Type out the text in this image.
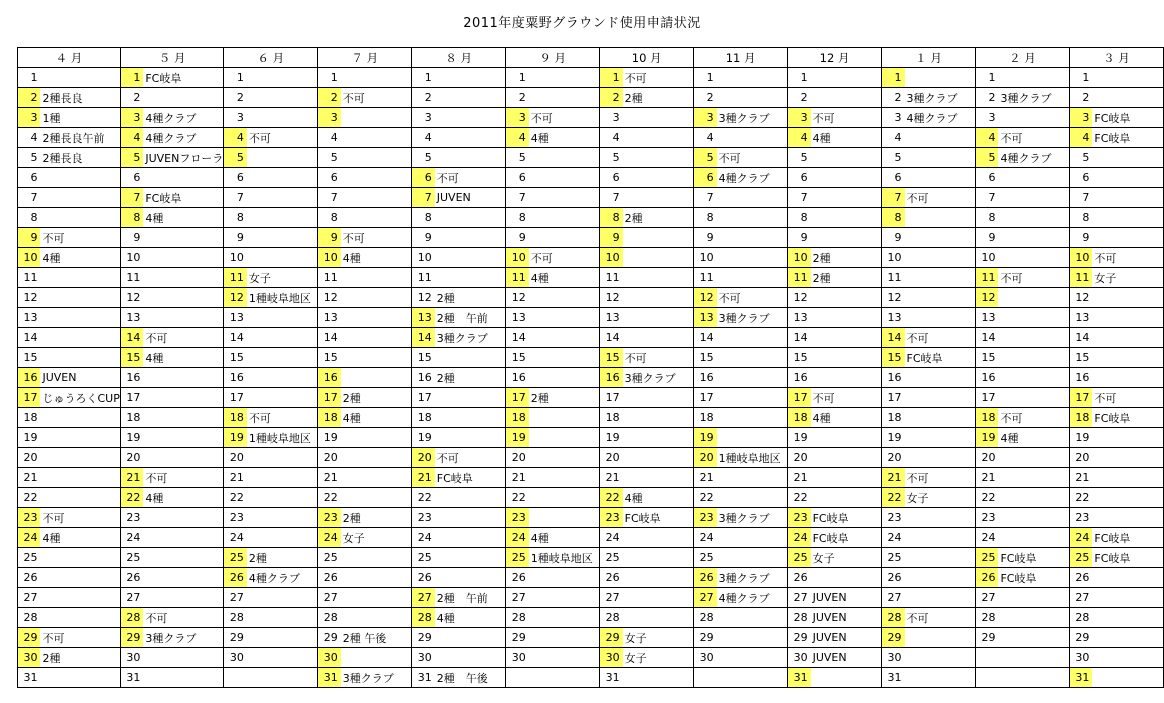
2011年度粟野グラウンド使用申請状況
４ 月		５ 月		６ 月		７ 月		８ 月		９ 月		10 月		11 月		12 月		１ 月		２ 月		３ 月	
1		1	FC岐阜	1		1		1		1		1	不可	1		1		1		1		1	
2	2種長良	2		2		2	不可	2		2		2	2種	2		2		2	3種クラブ	2	3種クラブ	2	
3	1種	3	4種クラブ	3		3		3		3	不可	3		3	3種クラブ	3	不可	3	4種クラブ	3		3	FC岐阜
4	2種長良午前	4	4種クラブ	4	不可	4		4		4	4種	4		4		4	4種	4		4	不可	4	FC岐阜
5	2種長良	5	JUVENフローラ	5		5		5		5		5		5	不可	5		5		5	4種クラブ	5	
6		6		6		6		6	不可	6		6		6	4種クラブ	6		6		6		6	
7		7	FC岐阜	7		7		7	JUVEN	7		7		7		7		7	不可	7		7	
8		8	4種	8		8		8		8		8	2種	8		8		8		8		8	
9	不可	9		9		9	不可	9		9		9		9		9		9		9		9	
10	4種	10		10		10	4種	10		10	不可	10		10		10	2種	10		10		10	不可
11		11		11	女子	11		11		11	4種	11		11		11	2種	11		11	不可	11	女子
12		12		12	1種岐阜地区	12		12	2種	12		12		12	不可	12		12		12		12	
13		13		13		13		13	2種　午前	13		13		13	3種クラブ	13		13		13		13	
14		14	不可	14		14		14	3種クラブ	14		14		14		14		14	不可	14		14	
15		15	4種	15		15		15		15		15	不可	15		15		15	FC岐阜	15		15	
16	JUVEN	16		16		16		16	2種	16		16	3種クラブ	16		16		16		16		16	
17	じゅうろくCUP	17		17		17	2種	17		17	2種	17		17		17	不可	17		17		17	不可
18		18		18	不可	18	4種	18		18		18		18		18	4種	18		18	不可	18	FC岐阜
19		19		19	1種岐阜地区	19		19		19		19		19		19		19		19	4種	19	
20		20		20		20		20	不可	20		20		20	1種岐阜地区	20		20		20		20	
21		21	不可	21		21		21	FC岐阜	21		21		21		21		21	不可	21		21	
22		22	4種	22		22		22		22		22	4種	22		22		22	女子	22		22	
23	不可	23		23		23	2種	23		23		23	FC岐阜	23	3種クラブ	23	FC岐阜	23		23		23	
24	4種	24		24		24	女子	24		24	4種	24		24		24	FC岐阜	24		24		24	FC岐阜
25		25		25	2種	25		25		25	1種岐阜地区	25		25		25	女子	25		25	FC岐阜	25	FC岐阜
26		26		26	4種クラブ	26		26		26		26		26	3種クラブ	26		26		26	FC岐阜	26	
27		27		27		27		27	2種　午前	27		27		27	4種クラブ	27	JUVEN	27		27		27	
28		28	不可	28		28		28	4種	28		28		28		28	JUVEN	28	不可	28		28	
29	不可	29	3種クラブ	29		29	2種 午後	29		29		29	女子	29		29	JUVEN	29		29		29	
30	2種	30		30		30		30		30		30	女子	30		30	JUVEN	30				30	
31		31				31	3種クラブ	31	2種　午後			31				31		31				31	
